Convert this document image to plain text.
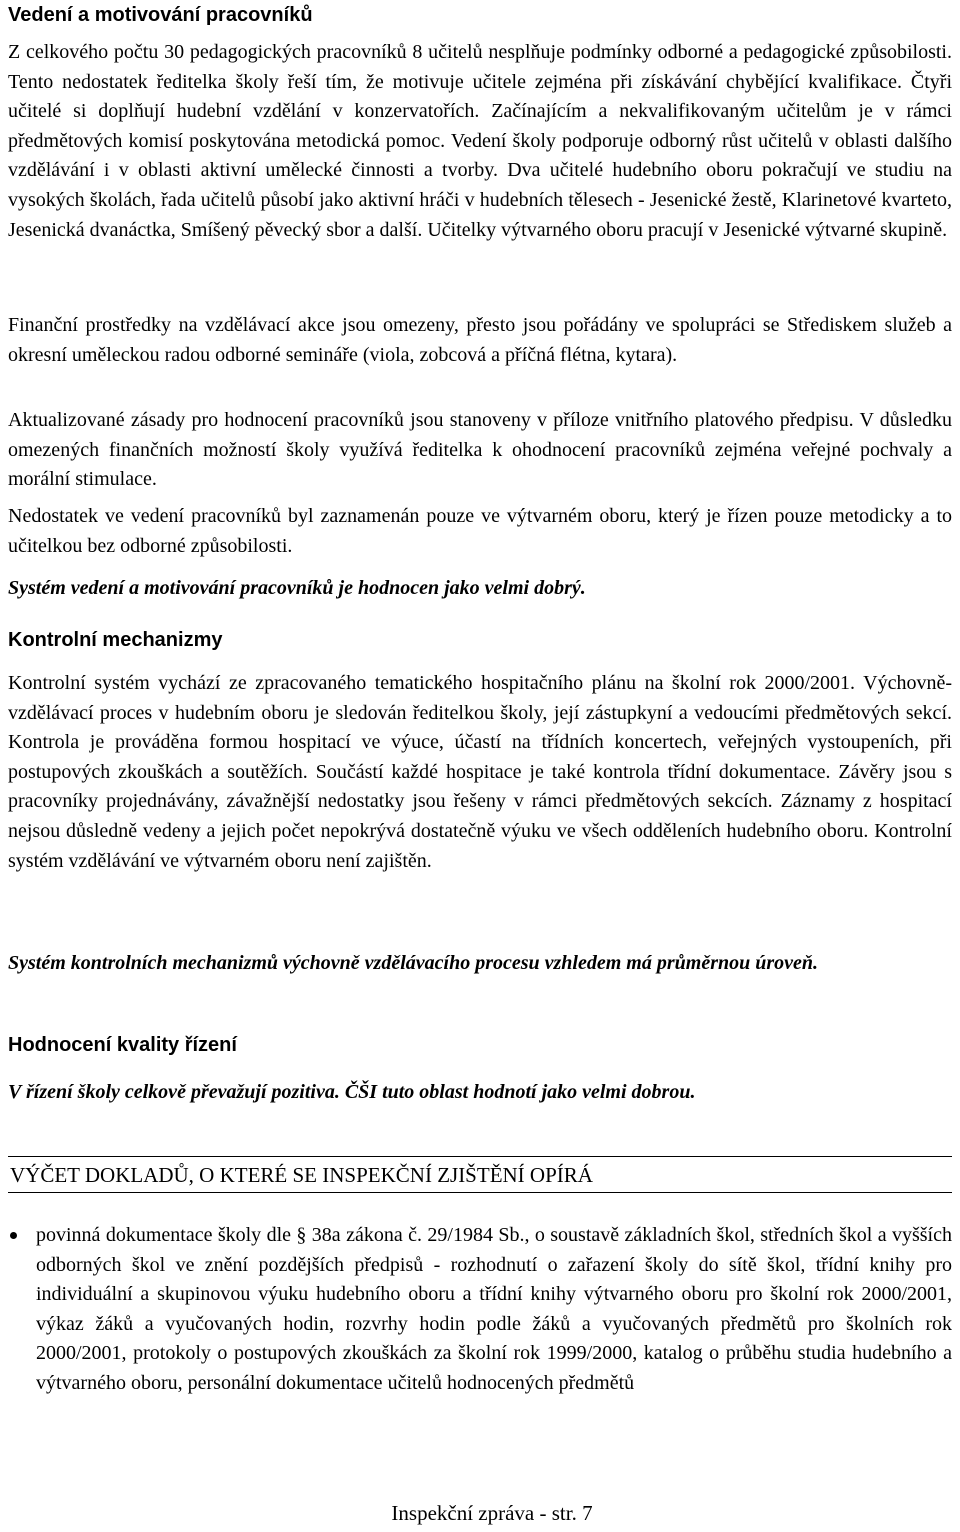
Vedení a motivování pracovníků

Z celkového počtu 30 pedagogických pracovníků 8 učitelů nesplňuje podmínky odborné a pedagogické způsobilosti. Tento nedostatek ředitelka školy řeší tím, že motivuje učitele zejména při získávání chybějící kvalifikace. Čtyři učitelé si doplňují hudební vzdělání v konzervatořích. Začínajícím a nekvalifikovaným učitelům je v rámci předmětových komisí poskytována metodická pomoc. Vedení školy podporuje odborný růst učitelů v oblasti dalšího vzdělávání i v oblasti aktivní umělecké činnosti a tvorby. Dva učitelé hudebního oboru pokračují ve studiu na vysokých školách, řada učitelů působí jako aktivní hráči v hudebních tělesech - Jesenické žestě, Klarinetové kvarteto, Jesenická dvanáctka, Smíšený pěvecký sbor a další. Učitelky výtvarného oboru pracují v Jesenické výtvarné skupině.

Finanční prostředky na vzdělávací akce jsou omezeny, přesto jsou pořádány ve spolupráci se Střediskem služeb a okresní uměleckou radou odborné semináře (viola, zobcová a příčná flétna, kytara).

Aktualizované zásady pro hodnocení pracovníků jsou stanoveny v příloze vnitřního platového předpisu. V důsledku omezených finančních možností školy využívá ředitelka k ohodnocení pracovníků zejména veřejné pochvaly a morální stimulace.

Nedostatek ve vedení pracovníků byl zaznamenán pouze ve výtvarném oboru, který je řízen pouze metodicky a to učitelkou bez odborné způsobilosti.

Systém vedení a motivování pracovníků je hodnocen jako velmi dobrý.

Kontrolní mechanizmy

Kontrolní systém vychází ze zpracovaného tematického hospitačního plánu na školní rok 2000/2001. Výchovně-vzdělávací proces v hudebním oboru je sledován ředitelkou školy, její zástupkyní a vedoucími předmětových sekcí. Kontrola je prováděna formou hospitací ve výuce, účastí na třídních koncertech, veřejných vystoupeních, při postupových zkouškách a soutěžích. Součástí každé hospitace je také kontrola třídní dokumentace. Závěry jsou s pracovníky projednávány, závažnější nedostatky jsou řešeny v rámci předmětových sekcích. Záznamy z hospitací nejsou důsledně vedeny a jejich počet nepokrývá dostatečně výuku ve všech odděleních hudebního oboru. Kontrolní systém vzdělávání ve výtvarném oboru není zajištěn.

Systém kontrolních mechanizmů výchovně vzdělávacího procesu vzhledem má průměrnou úroveň.

Hodnocení kvality řízení

V řízení školy celkově převažují pozitiva. ČŠI tuto oblast hodnotí jako velmi dobrou.

VÝČET DOKLADŮ, O KTERÉ SE INSPEKČNÍ ZJIŠTĚNÍ OPÍRÁ
povinná dokumentace školy dle § 38a zákona č. 29/1984 Sb., o soustavě základních škol, středních škol a vyšších odborných škol ve znění pozdějších předpisů - rozhodnutí o zařazení školy do sítě škol, třídní knihy pro individuální a skupinovou výuku hudebního oboru a třídní knihy výtvarného oboru pro školní rok 2000/2001, výkaz žáků a vyučovaných hodin, rozvrhy hodin podle žáků a vyučovaných předmětů pro školních rok 2000/2001, protokoly o postupových zkouškách za školní rok 1999/2000, katalog o průběhu studia hudebního a výtvarného oboru, personální dokumentace učitelů hodnocených předmětů
Inspekční zpráva - str. 7
